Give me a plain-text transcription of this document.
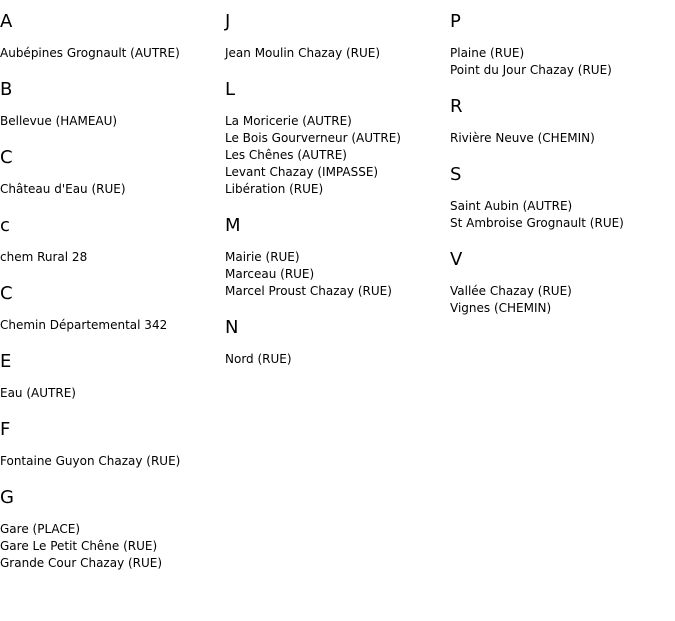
A
Aubépines Grognault (AUTRE)
B
Bellevue (HAMEAU)
C
Château d'Eau (RUE)
c
chem Rural 28
C
Chemin Départemental 342
E
Eau (AUTRE)
F
Fontaine Guyon Chazay (RUE)
G
Gare (PLACE)
Gare Le Petit Chêne (RUE)
Grande Cour Chazay (RUE)
J
Jean Moulin Chazay (RUE)
L
La Moricerie (AUTRE)
Le Bois Gourverneur (AUTRE)
Les Chênes (AUTRE)
Levant Chazay (IMPASSE)
Libération (RUE)
M
Mairie (RUE)
Marceau (RUE)
Marcel Proust Chazay (RUE)
N
Nord (RUE)
P
Plaine (RUE)
Point du Jour Chazay (RUE)
R
Rivière Neuve (CHEMIN)
S
Saint Aubin (AUTRE)
St Ambroise Grognault (RUE)
V
Vallée Chazay (RUE)
Vignes (CHEMIN)
